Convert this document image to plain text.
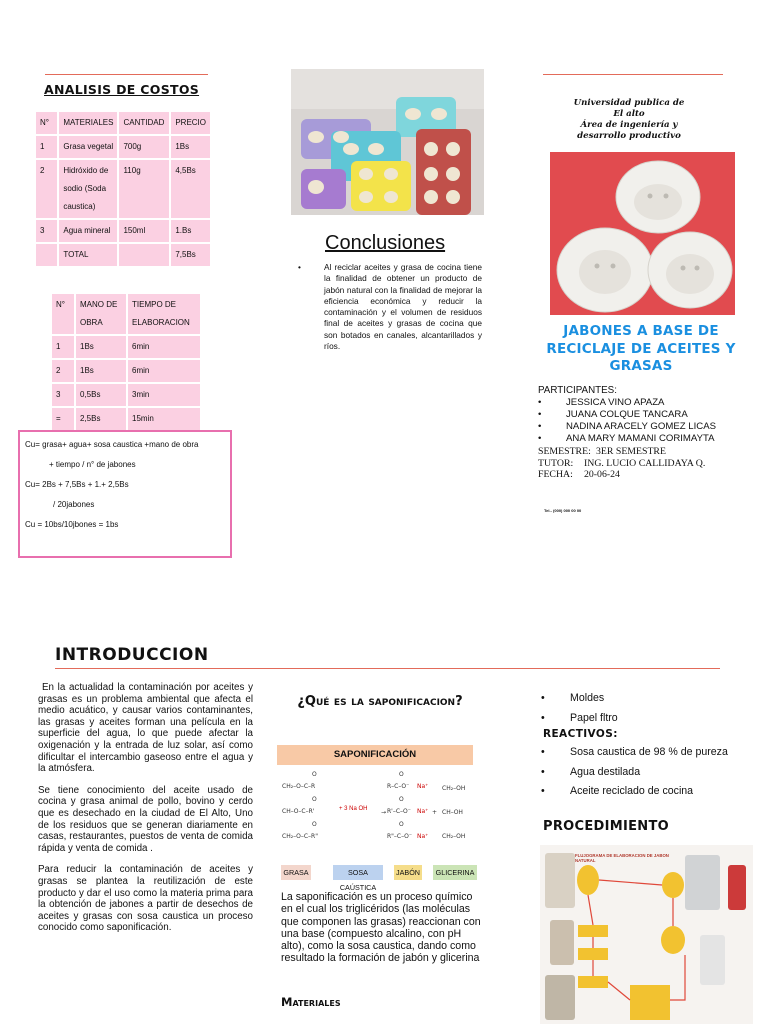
ANALISIS DE COSTOS
N°	MATERIALES	CANTIDAD	PRECIO
1	Grasa vegetal	700g	1Bs
2	Hidróxido de sodio (Soda caustica)	110g	4,5Bs
3	Agua mineral	150ml	1.Bs
	TOTAL		7,5Bs
N°	MANO DE OBRA	TIEMPO DE ELABORACION
1	1Bs	6min
2	1Bs	6min
3	0,5Bs	3min
=	2,5Bs	15min
Cu= grasa+ agua+ sosa caustica +mano de obra
+ tiempo / n° de jabones
Cu= 2Bs + 7,5Bs + 1.+ 2,5Bs
/ 20jabones
Cu = 10bs/10jbones = 1bs
Conclusiones
•	Al reciclar aceites y grasa de cocina tiene la finalidad de obtener un producto de jabón natural con la finalidad de mejorar la eficiencia económica y reducir la contaminación y el volumen de residuos final de aceites y grasas de cocina que son botados en canales, alcantarillados y ríos.
Universidad publica de
El alto
Área de ingeniería y
desarrollo productivo
JABONES A BASE DE RECICLAJE DE ACEITES Y GRASAS
PARTICIPANTES:
• JESSICA VINO APAZA
• JUANA COLQUE TANCARA
• NADINA ARACELY GOMEZ LICAS
• ANA MARY MAMANI CORIMAYTA
SEMESTRE: 3ER SEMESTRE
TUTOR: ING. LUCIO CALLIDAYA Q.
FECHA: 20-06-24
Tel.- (000) 000 00 00
INTRODUCCION

En la actualidad la contaminación por aceites y grasas es un problema ambiental que afecta el medio acuático, y causar varios contaminantes, las grasas y aceites forman una película en la superficie del agua, lo que puede afectar la oxigenación y la entrada de luz solar, así como dificultar el intercambio gaseoso entre el agua y la atmósfera.

Se tiene conocimiento del aceite usado de cocina y grasa animal de pollo, bovino y cerdo que es desechado en la ciudad de El Alto, Uno de los residuos que se generan diariamente en casas, restaurantes, puestos de venta de comida rápida y venta de comida .

Para reducir la contaminación de aceites y grasas se plantea la reutilización de este producto y dar el uso como la materia prima para la obtención de jabones a partir de desechos de aceites y grasas con sosa caustica un proceso conocido como saponificación.

¿Qué es la saponificacion?
SAPONIFICACIÓN
CH₂–O–C–R
CH–O–C–R'
CH₂–O–C–R"
O
O
O
R–C–O⁻
R'–C–O⁻
R"–C–O⁻
O
O
O
Na⁺
Na⁺
Na⁺
CH₂–OH
CH–OH
CH₂–OH
+
→
+ 3 Na OH
GRASA	SOSA CAÚSTICA
JABÓN	GLICERINA
La saponificación es un proceso químico en el cual los triglicéridos (las moléculas que componen las grasas) reaccionan con una base (compuesto alcalino, con pH alto), como la sosa caustica, dando como resultado la formación de jabón y glicerina
Materiales
• Moldes
• Papel fltro
REACTIVOS:
• Sosa caustica de 98 % de pureza
• Agua destilada
• Aceite reciclado de cocina
PROCEDIMIENTO
FLUJOGRAMA DE ELABORACION DE JABON NATURAL
